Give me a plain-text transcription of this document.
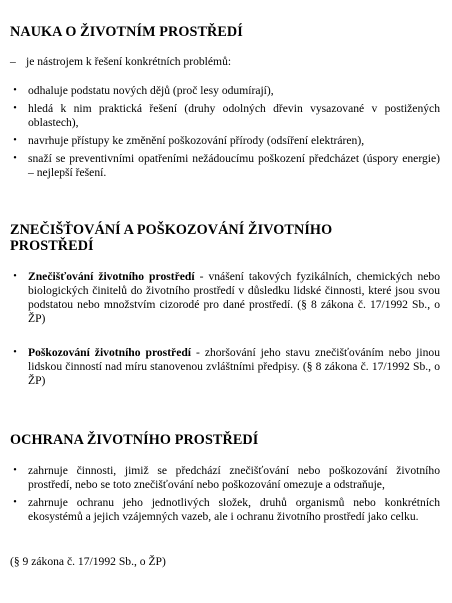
NAUKA O ŽIVOTNÍM PROSTŘEDÍ
– je nástrojem k řešení konkrétních problémů:
• odhaluje podstatu nových dějů (proč lesy odumírají),
• hledá k nim praktická řešení (druhy odolných dřevin vysazované v postižených oblastech),
• navrhuje přístupy ke změnění poškozování přírody (odsíření elektráren),
• snaží se preventivními opatřeními nežádoucímu poškození předcházet (úspory energie) – nejlepší řešení.
ZNEČIŠŤOVÁNÍ A POŠKOZOVÁNÍ ŽIVOTNÍHO PROSTŘEDÍ
• Znečišťování životního prostředí - vnášení takových fyzikálních, chemických nebo biologických činitelů do životního prostředí v důsledku lidské činnosti, které jsou svou podstatou nebo množstvím cizorodé pro dané prostředí. (§ 8 zákona č. 17/1992 Sb., o ŽP)
• Poškozování životního prostředí - zhoršování jeho stavu znečišťováním nebo jinou lidskou činností nad míru stanovenou zvláštními předpisy. (§ 8 zákona č. 17/1992 Sb., o ŽP)
OCHRANA ŽIVOTNÍHO PROSTŘEDÍ
• zahrnuje činnosti, jimiž se předchází znečišťování nebo poškozování životního prostředí, nebo se toto znečišťování nebo poškozování omezuje a odstraňuje,
• zahrnuje ochranu jeho jednotlivých složek, druhů organismů nebo konkrétních ekosystémů a jejich vzájemných vazeb, ale i ochranu životního prostředí jako celku.
(§ 9 zákona č. 17/1992 Sb., o ŽP)
